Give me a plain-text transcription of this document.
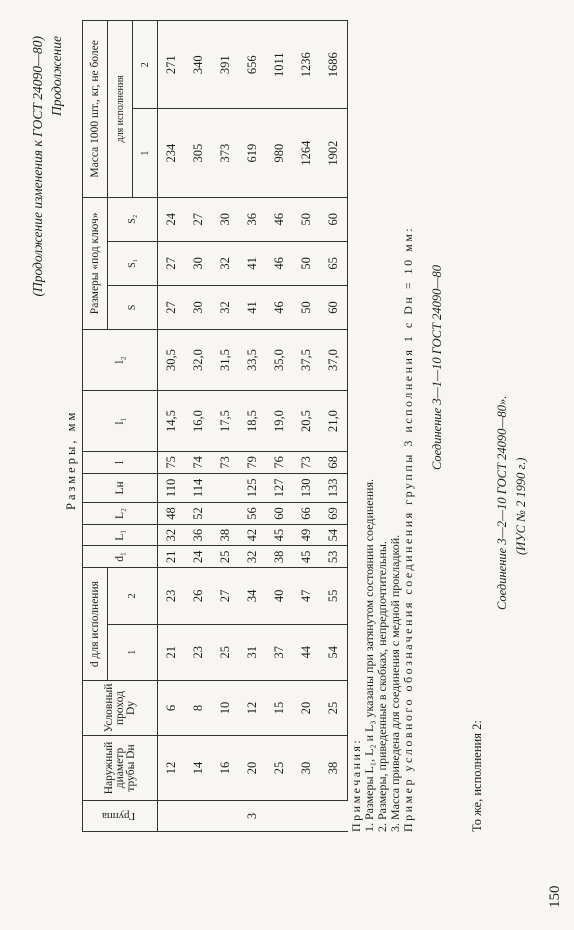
(Продолжение изменения к ГОСТ 24090—80) Продолжение
Размеры, мм
Группа	Наружный диаметр трубы Dн	Условный проход Dу	d для исполнения		d₁	L₁	L₂	Lн	l	l₁	l₂	Размеры «под ключ»			Масса 1000 шт., кг, не более	
			1	2								S	S₁	S₂	для исполнения	
															1	2
3	12	6	21	23	21	32	48	110	75	14,5	30,5	27	27	24	234	271
	14	8	23	26	24	36	52	114	74	16,0	32,0	30	30	27	305	340
	16	10	25	27	25	38			73	17,5	31,5	32	32	30	373	391
	20	12	31	34	32	42	56	125	79	18,5	33,5	41	41	36	619	656
	25	15	37	40	38	45	60	127	76	19,0	35,0	46	46	46	980	1011
	30	20	44	47	45	49	66	130	73	20,5	37,5	50	50	50	1264	1236
	38	25	54	55	53	54	69	133	68	21,0	37,0	60	65	60	1902	1686
Примечания: 1. Размеры L₁, L₂ и L₃ указаны при затянутом состоянии соединения. 2. Размеры, приведенные в скобках, непредпочтительны. 3. Масса приведена для соединения с медной прокладкой. Пример условного обозначения соединения группы 3 исполнения 1 с Dн = 10 мм: Соединение 3—1—10 ГОСТ 24090—80
То же, исполнения 2:
Соединение 3—2—10 ГОСТ 24090—80». (ИУС № 2 1990 г.)
150
